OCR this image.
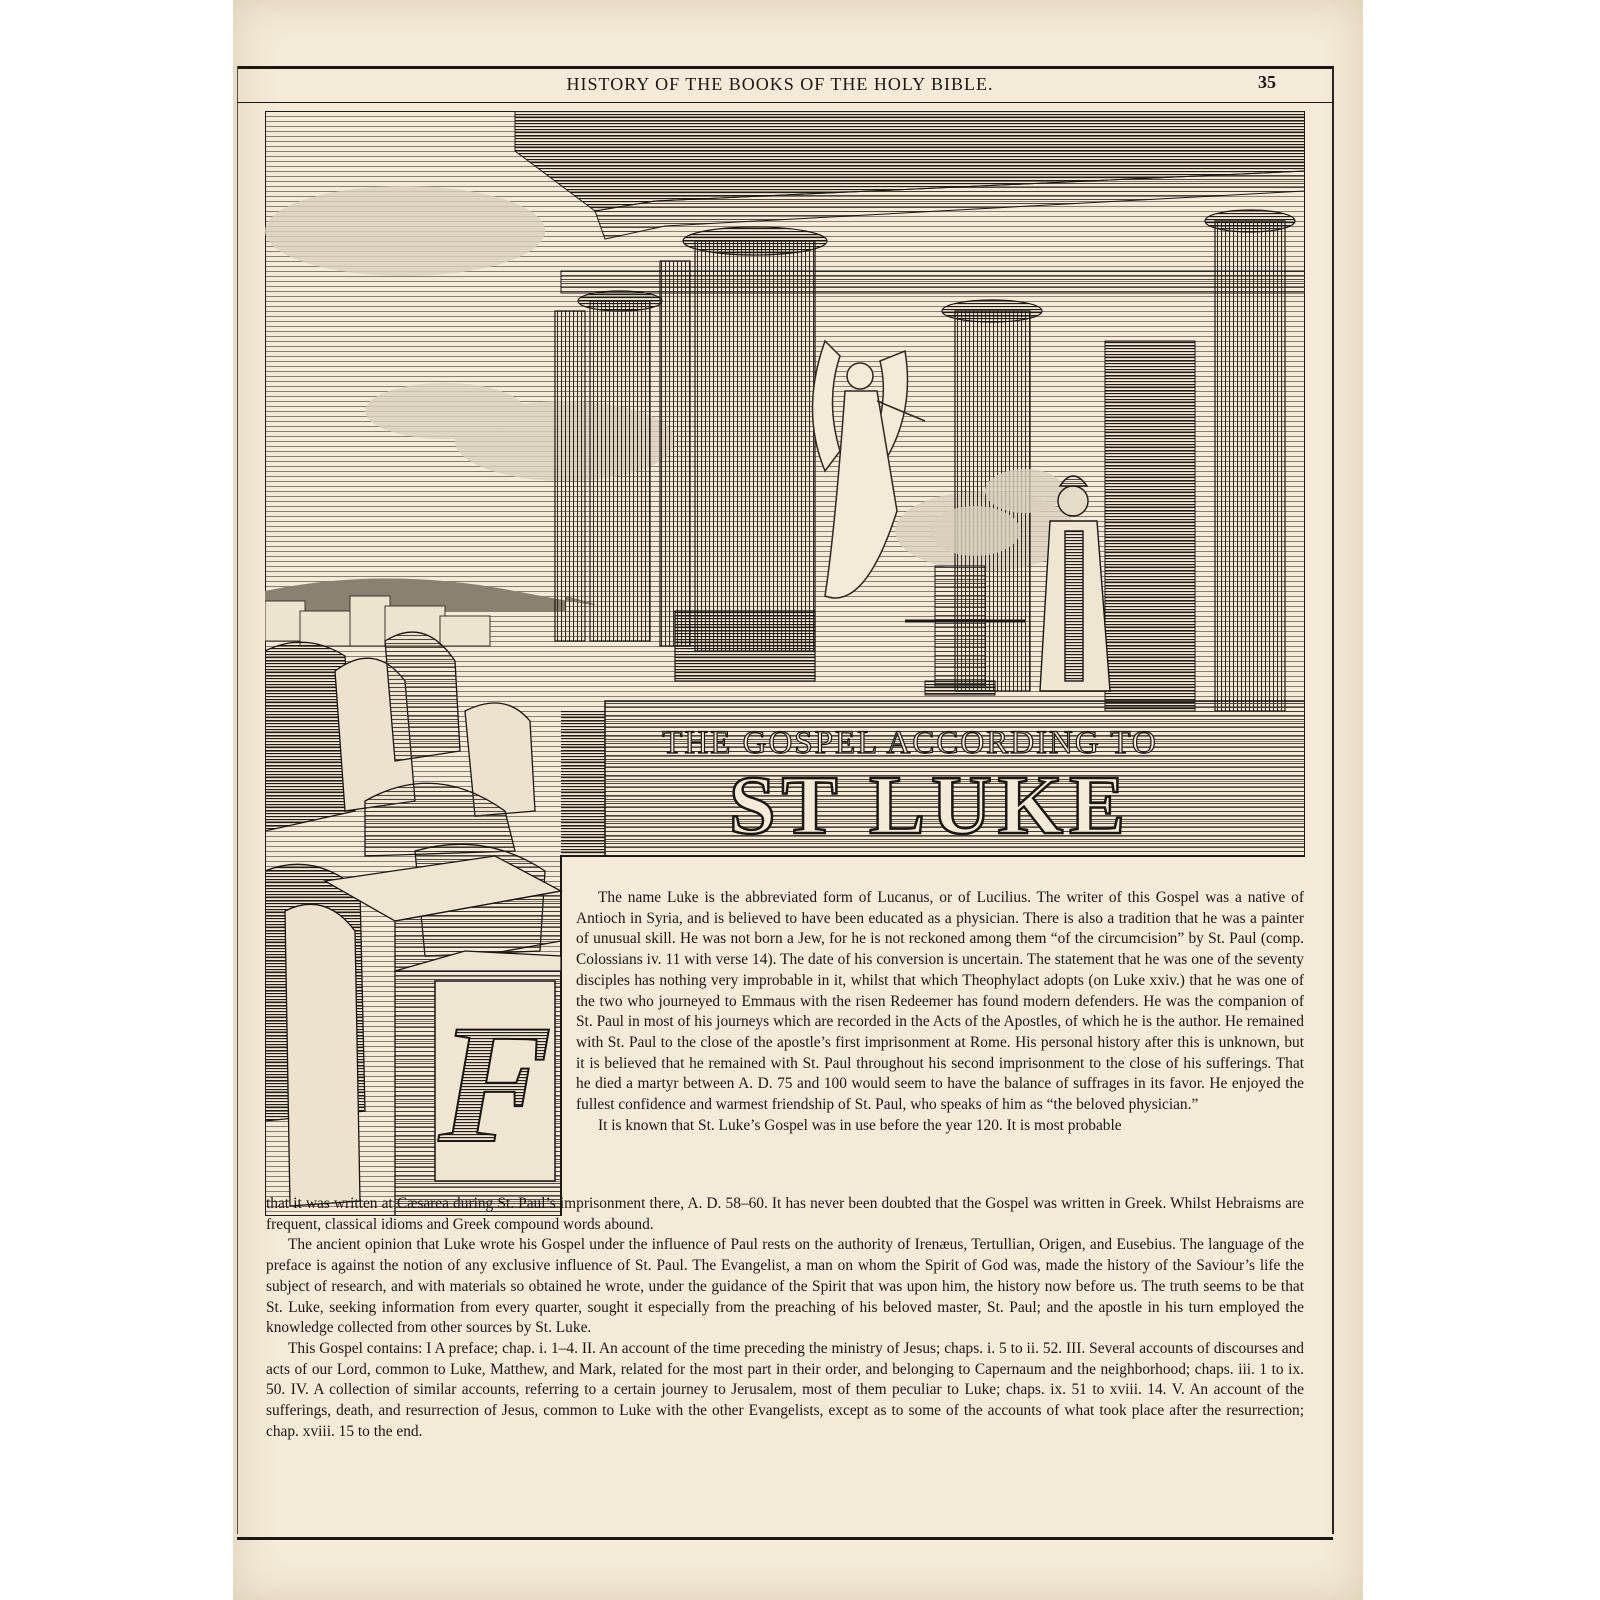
HISTORY OF THE BOOKS OF THE HOLY BIBLE.	35
THE GOSPEL ACCORDING TO
ST LUKE
F

The name Luke is the abbreviated form of Lucanus, or of Lucilius. The writer of this Gospel was a native of Antioch in Syria, and is believed to have been educated as a physician. There is also a tradition that he was a painter of unusual skill. He was not born a Jew, for he is not reckoned among them “of the circumcision” by St. Paul (comp. Colossians iv. 11 with verse 14). The date of his conversion is uncertain. The statement that he was one of the seventy disciples has nothing very improbable in it, whilst that which Theophylact adopts (on Luke xxiv.) that he was one of the two who journeyed to Emmaus with the risen Redeemer has found modern defenders. He was the companion of St. Paul in most of his journeys which are recorded in the Acts of the Apostles, of which he is the author. He remained with St. Paul to the close of the apostle’s first imprisonment at Rome. His personal history after this is unknown, but it is believed that he remained with St. Paul throughout his second imprisonment to the close of his sufferings. That he died a martyr between A. D. 75 and 100 would seem to have the balance of suffrages in its favor. He enjoyed the fullest confidence and warmest friendship of St. Paul, who speaks of him as “the beloved physician.”

It is known that St. Luke’s Gospel was in use before the year 120. It is most probable

that it was written at Cæsarea during St. Paul’s imprisonment there, A. D. 58–60. It has never been doubted that the Gospel was written in Greek. Whilst Hebraisms are frequent, classical idioms and Greek compound words abound.

The ancient opinion that Luke wrote his Gospel under the influence of Paul rests on the authority of Irenæus, Tertullian, Origen, and Eusebius. The language of the preface is against the notion of any exclusive influence of St. Paul. The Evangelist, a man on whom the Spirit of God was, made the history of the Saviour’s life the subject of research, and with materials so obtained he wrote, under the guidance of the Spirit that was upon him, the history now before us. The truth seems to be that St. Luke, seeking information from every quarter, sought it especially from the preaching of his beloved master, St. Paul; and the apostle in his turn employed the knowledge collected from other sources by St. Luke.

This Gospel contains: I A preface; chap. i. 1–4. II. An account of the time preceding the ministry of Jesus; chaps. i. 5 to ii. 52. III. Several accounts of discourses and acts of our Lord, common to Luke, Matthew, and Mark, related for the most part in their order, and belonging to Capernaum and the neighborhood; chaps. iii. 1 to ix. 50. IV. A collection of similar accounts, referring to a certain journey to Jerusalem, most of them peculiar to Luke; chaps. ix. 51 to xviii. 14. V. An account of the sufferings, death, and resurrection of Jesus, common to Luke with the other Evangelists, except as to some of the accounts of what took place after the resurrection; chap. xviii. 15 to the end.
